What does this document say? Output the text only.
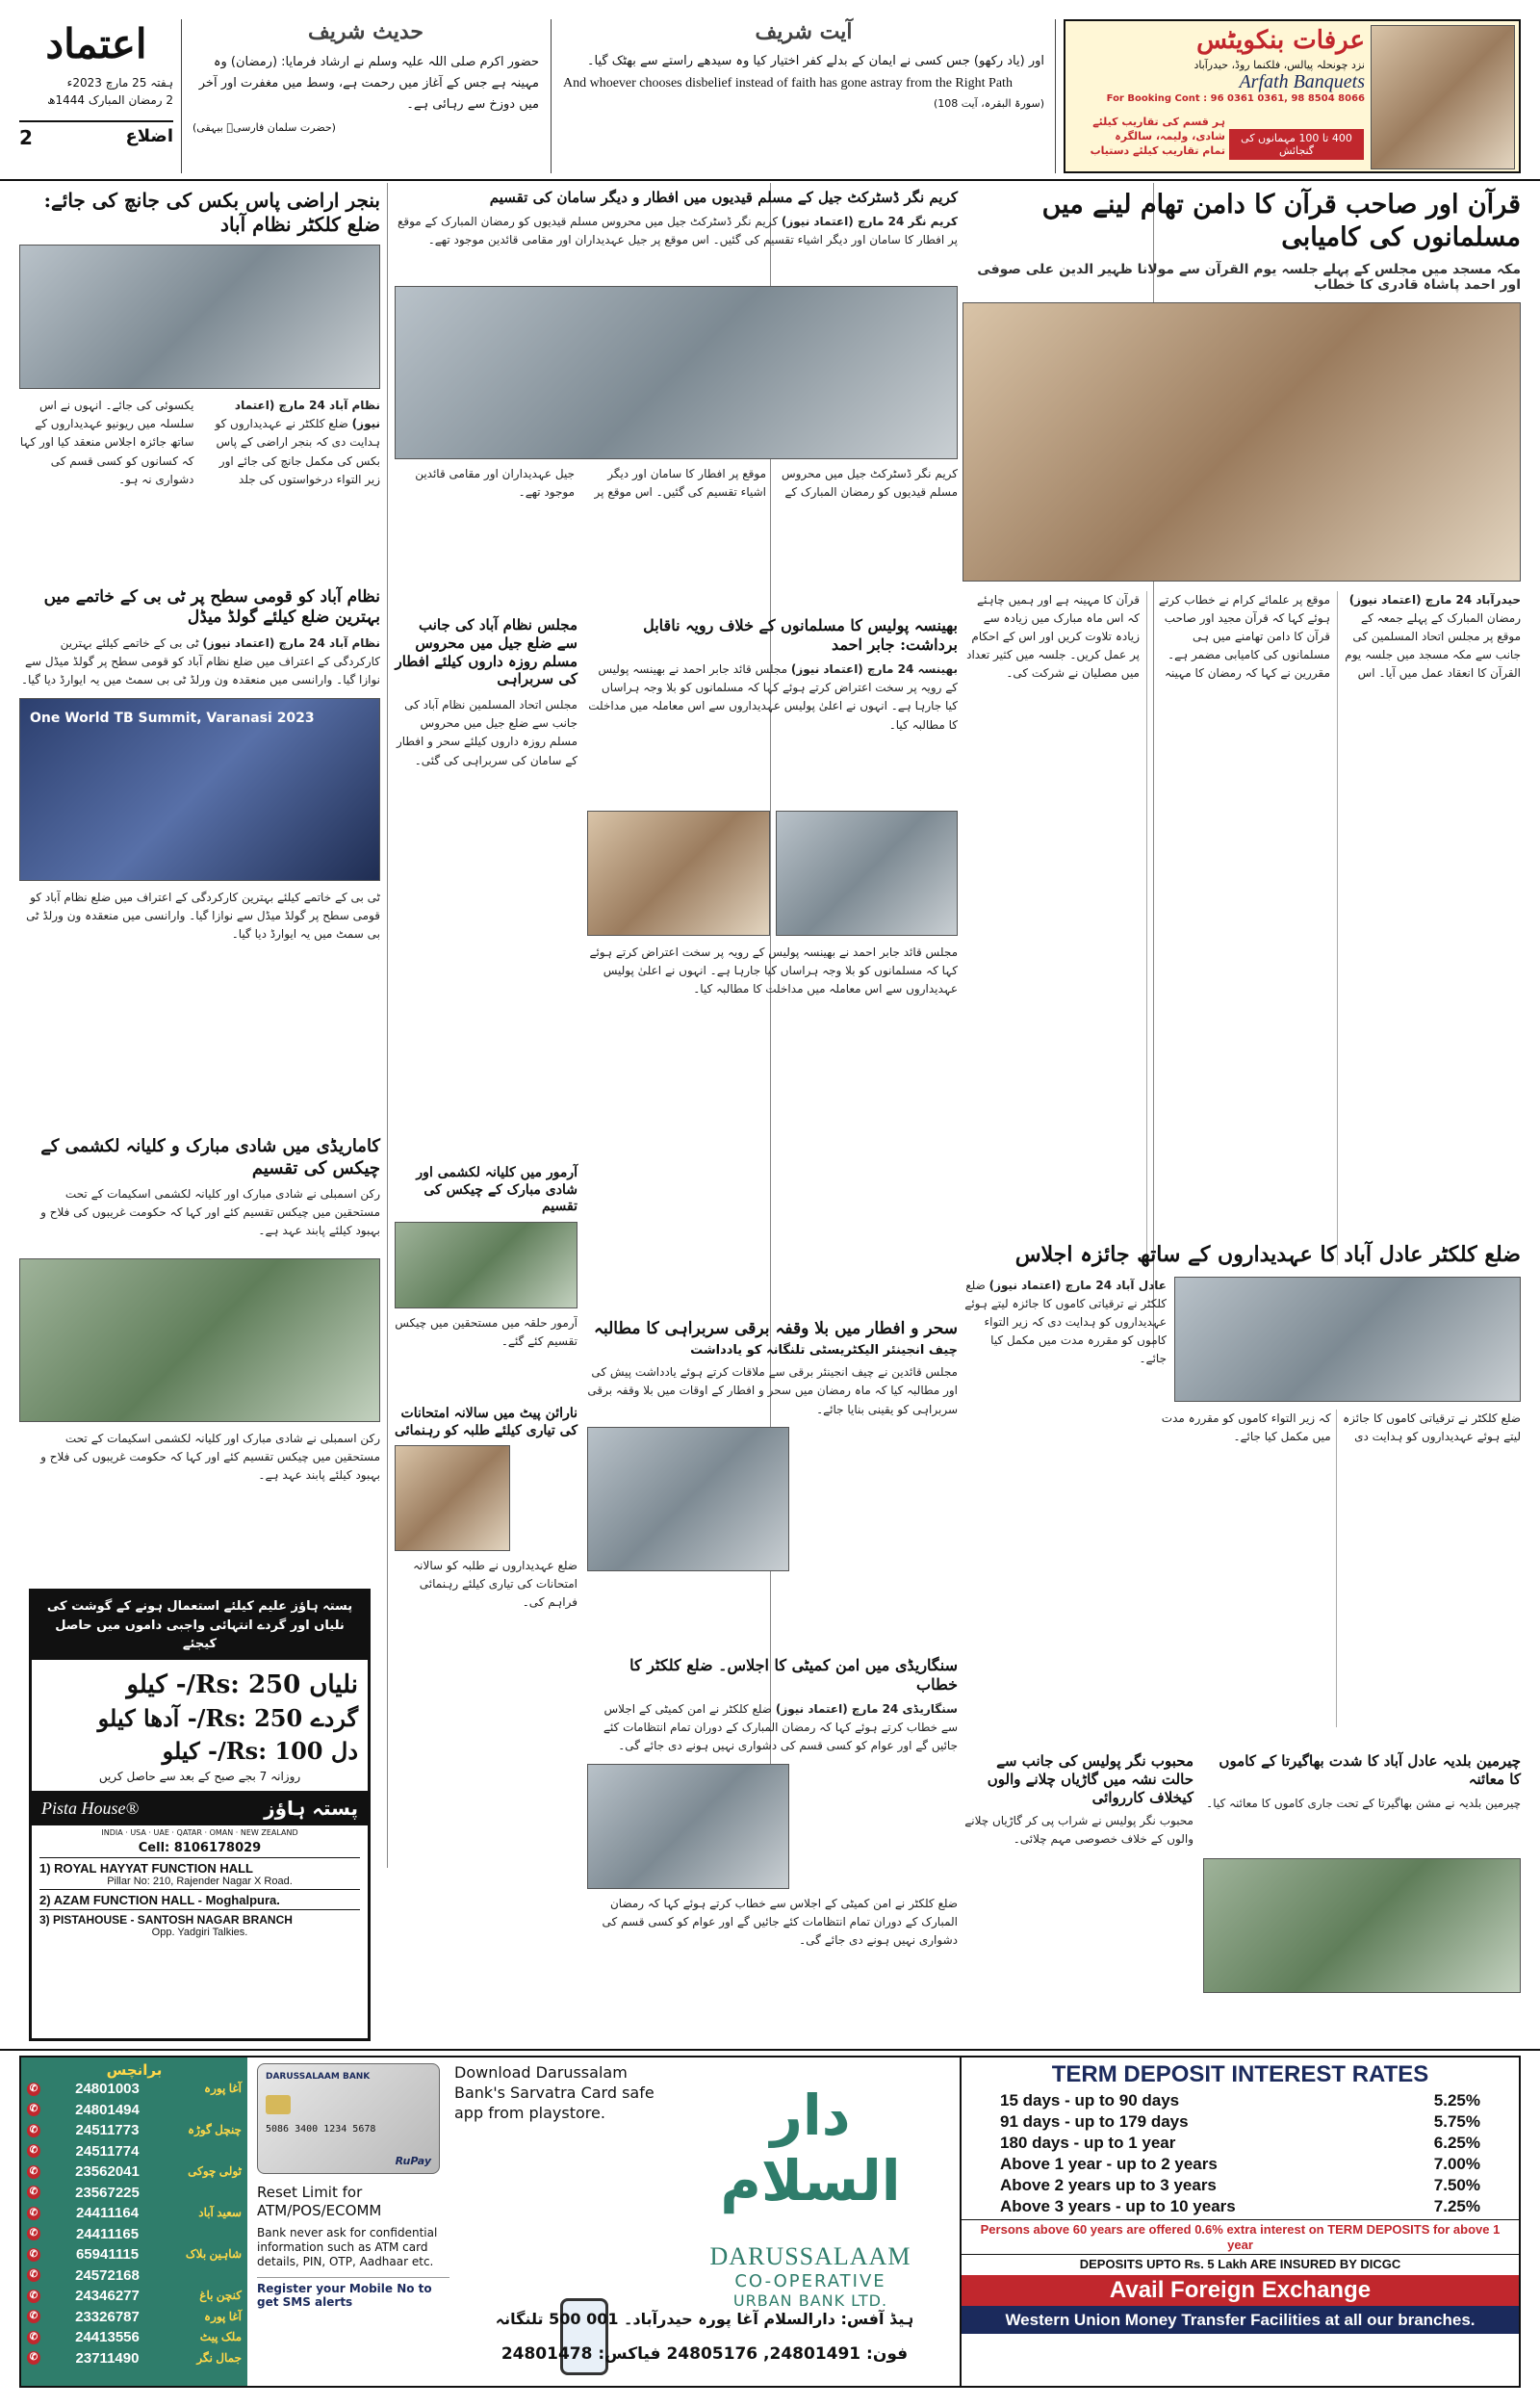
اعتماد
ہفتہ 25 مارچ 2023ء
2 رمضان المبارک 1444ھ
2	اضلاع
حدیث شریف
حضور اکرم صلی اللہ علیہ وسلم نے ارشاد فرمایا: (رمضان) وہ مہینہ ہے جس کے آغاز میں رحمت ہے، وسط میں مغفرت اور آخر میں دوزخ سے رہائی ہے۔
(حضرت سلمان فارسیؓ بیہقی)
آیت شریف
اور (یاد رکھو) جس کسی نے ایمان کے بدلے کفر اختیار کیا وہ سیدھے راستے سے بھٹک گیا۔
And whoever chooses disbelief instead of faith has gone astray from the Right Path
(سورۃ البقرہ، آیت 108)
عرفات بنکویٹس
نزد چونحلہ پیالس، فلکنما روڈ، حیدرآباد
Arfath Banquets
For Booking Cont : 96 0361 0361, 98 8504 8066
ہر قسم کی تقاریب کیلئے
شادی، ولیمہ، سالگرہ
تمام تقاریب کیلئے دستیاب
400 تا 100 مہمانوں کی گنجائش
قرآن اور صاحب قرآن کا دامن تھام لینے میں مسلمانوں کی کامیابی
مکہ مسجد میں مجلس کے پہلے جلسہ یوم القرآن سے مولانا ظہیر الدین علی صوفی اور احمد پاشاہ قادری کا خطاب
حیدرآباد 24 مارچ (اعتماد نیوز) رمضان المبارک کے پہلے جمعہ کے موقع پر مجلس اتحاد المسلمین کی جانب سے مکہ مسجد میں جلسہ یوم القرآن کا انعقاد عمل میں آیا۔ اس موقع پر علمائے کرام نے خطاب کرتے ہوئے کہا کہ قرآن مجید اور صاحب قرآن کا دامن تھامنے میں ہی مسلمانوں کی کامیابی مضمر ہے۔ مقررین نے کہا کہ رمضان کا مہینہ قرآن کا مہینہ ہے اور ہمیں چاہئے کہ اس ماہ مبارک میں زیادہ سے زیادہ تلاوت کریں اور اس کے احکام پر عمل کریں۔ جلسہ میں کثیر تعداد میں مصلیان نے شرکت کی۔
بنجر اراضی پاس بکس کی جانچ کی جائے: ضلع کلکٹر نظام آباد
نظام آباد 24 مارچ (اعتماد نیوز) ضلع کلکٹر نے عہدیداروں کو ہدایت دی کہ بنجر اراضی کے پاس بکس کی مکمل جانچ کی جائے اور زیر التواء درخواستوں کی جلد یکسوئی کی جائے۔ انہوں نے اس سلسلہ میں ریونیو عہدیداروں کے ساتھ جائزہ اجلاس منعقد کیا اور کہا کہ کسانوں کو کسی قسم کی دشواری نہ ہو۔
نظام آباد کو قومی سطح پر ٹی بی کے خاتمے میں بہترین ضلع کیلئے گولڈ میڈل
نظام آباد 24 مارچ (اعتماد نیوز) ٹی بی کے خاتمے کیلئے بہترین کارکردگی کے اعتراف میں ضلع نظام آباد کو قومی سطح پر گولڈ میڈل سے نوازا گیا۔ وارانسی میں منعقدہ ون ورلڈ ٹی بی سمٹ میں یہ ایوارڈ دیا گیا۔
One World TB Summit, Varanasi 2023
ٹی بی کے خاتمے کیلئے بہترین کارکردگی کے اعتراف میں ضلع نظام آباد کو قومی سطح پر گولڈ میڈل سے نوازا گیا۔ وارانسی میں منعقدہ ون ورلڈ ٹی بی سمٹ میں یہ ایوارڈ دیا گیا۔
کاماریڈی میں شادی مبارک و کلیانہ لکشمی کے چیکس کی تقسیم
رکن اسمبلی نے شادی مبارک اور کلیانہ لکشمی اسکیمات کے تحت مستحقین میں چیکس تقسیم کئے اور کہا کہ حکومت غریبوں کی فلاح و بہبود کیلئے پابند عہد ہے۔
رکن اسمبلی نے شادی مبارک اور کلیانہ لکشمی اسکیمات کے تحت مستحقین میں چیکس تقسیم کئے اور کہا کہ حکومت غریبوں کی فلاح و بہبود کیلئے پابند عہد ہے۔
کریم نگر ڈسٹرکٹ جیل کے مسلم قیدیوں میں افطار و دیگر سامان کی تقسیم
کریم نگر 24 مارچ (اعتماد نیوز) کریم نگر ڈسٹرکٹ جیل میں محروس مسلم قیدیوں کو رمضان المبارک کے موقع پر افطار کا سامان اور دیگر اشیاء تقسیم کی گئیں۔ اس موقع پر جیل عہدیداران اور مقامی قائدین موجود تھے۔
کریم نگر ڈسٹرکٹ جیل میں محروس مسلم قیدیوں کو رمضان المبارک کے موقع پر افطار کا سامان اور دیگر اشیاء تقسیم کی گئیں۔ اس موقع پر جیل عہدیداران اور مقامی قائدین موجود تھے۔
مجلس نظام آباد کی جانب سے ضلع جیل میں محروس مسلم روزہ داروں کیلئے افطار کی سربراہی
مجلس اتحاد المسلمین نظام آباد کی جانب سے ضلع جیل میں محروس مسلم روزہ داروں کیلئے سحر و افطار کے سامان کی سربراہی کی گئی۔
بھینسہ پولیس کا مسلمانوں کے خلاف رویہ ناقابل برداشت: جابر احمد
بھینسہ 24 مارچ (اعتماد نیوز) مجلس قائد جابر احمد نے بھینسہ پولیس کے رویہ پر سخت اعتراض کرتے ہوئے کہا کہ مسلمانوں کو بلا وجہ ہراساں کیا جارہا ہے۔ انہوں نے اعلیٰ پولیس عہدیداروں سے اس معاملہ میں مداخلت کا مطالبہ کیا۔
مجلس قائد جابر احمد نے بھینسہ پولیس کے رویہ پر سخت اعتراض کرتے ہوئے کہا کہ مسلمانوں کو بلا وجہ ہراساں کیا جارہا ہے۔ انہوں نے اعلیٰ پولیس عہدیداروں سے اس معاملہ میں مداخلت کا مطالبہ کیا۔
آرمور میں کلیانہ لکشمی اور شادی مبارک کے چیکس کی تقسیم
آرمور حلقہ میں مستحقین میں چیکس تقسیم کئے گئے۔
سحر و افطار میں بلا وقفہ برقی سربراہی کا مطالبہ
چیف انجینئر الیکٹریسٹی تلنگانہ کو یادداشت
مجلس قائدین نے چیف انجینئر برقی سے ملاقات کرتے ہوئے یادداشت پیش کی اور مطالبہ کیا کہ ماہ رمضان میں سحر و افطار کے اوقات میں بلا وقفہ برقی سربراہی کو یقینی بنایا جائے۔
نارائن پیٹ میں سالانہ امتحانات کی تیاری کیلئے طلبہ کو رہنمائی
ضلع عہدیداروں نے طلبہ کو سالانہ امتحانات کی تیاری کیلئے رہنمائی فراہم کی۔
سنگاریڈی میں امن کمیٹی کا اجلاس۔ ضلع کلکٹر کا خطاب
سنگاریڈی 24 مارچ (اعتماد نیوز) ضلع کلکٹر نے امن کمیٹی کے اجلاس سے خطاب کرتے ہوئے کہا کہ رمضان المبارک کے دوران تمام انتظامات کئے جائیں گے اور عوام کو کسی قسم کی دشواری نہیں ہونے دی جائے گی۔
ضلع کلکٹر نے امن کمیٹی کے اجلاس سے خطاب کرتے ہوئے کہا کہ رمضان المبارک کے دوران تمام انتظامات کئے جائیں گے اور عوام کو کسی قسم کی دشواری نہیں ہونے دی جائے گی۔
ضلع کلکٹر عادل آباد کا عہدیداروں کے ساتھ جائزہ اجلاس
عادل آباد 24 مارچ (اعتماد نیوز) ضلع کلکٹر نے ترقیاتی کاموں کا جائزہ لیتے ہوئے عہدیداروں کو ہدایت دی کہ زیر التواء کاموں کو مقررہ مدت میں مکمل کیا جائے۔
ضلع کلکٹر نے ترقیاتی کاموں کا جائزہ لیتے ہوئے عہدیداروں کو ہدایت دی کہ زیر التواء کاموں کو مقررہ مدت میں مکمل کیا جائے۔
محبوب نگر پولیس کی جانب سے حالت نشہ میں گاڑیاں چلانے والوں کیخلاف کارروائی
محبوب نگر پولیس نے شراب پی کر گاڑیاں چلانے والوں کے خلاف خصوصی مہم چلائی۔
چیرمین بلدیہ عادل آباد کا شدت بھاگیرتا کے کاموں کا معائنہ
چیرمین بلدیہ نے مشن بھاگیرتا کے تحت جاری کاموں کا معائنہ کیا۔
پستہ ہاؤز علیم کیلئے استعمال ہونے کے گوشت کی نلیاں اور گردے انتہائی واجبی داموں میں حاصل کیجئے
نلیاں Rs: 250/- کیلو
گردے Rs: 250/- آدھا کیلو
دل Rs: 100/- کیلو
روزانہ 7 بجے صبح کے بعد سے حاصل کریں
Pista House®	پستہ ہاؤز
INDIA · USA · UAE · QATAR · OMAN · NEW ZEALAND
Cell: 8106178029
1) ROYAL HAYYAT FUNCTION HALL
Pillar No: 210, Rajender Nagar X Road.
2) AZAM FUNCTION HALL - Moghalpura.
3) PISTAHOUSE - SANTOSH NAGAR BRANCH
Opp. Yadgiri Talkies.
برانچس
✆	24801003	آغا پورہ
✆	24801494
✆	24511773	چنچل گوڑہ
✆	24511774
✆	23562041	ٹولی چوکی
✆	23567225
✆	24411164	سعید آباد
✆	24411165
✆	65941115	شاہین بلاک
✆	24572168
✆	24346277	کنچن باغ
✆	23326787	آغا پورہ
✆	24413556	ملک پیٹ
✆	23711490	جمال نگر
DARUSSALAAM BANK
5086 3400 1234 5678
RuPay
Reset Limit for ATM/POS/ECOMM
Bank never ask for confidential information such as ATM card details, PIN, OTP, Aadhaar etc.
Register your Mobile No to get SMS alerts
Download Darussalam Bank's Sarvatra Card safe app from playstore.	دار السلام
DARUSSALAAM
CO-OPERATIVE
URBAN BANK LTD.
ہیڈ آفس: دارالسلام آغا پورہ حیدرآباد۔ 001 500 تلنگانہ
فون: 24801491, 24805176 فیاکس: 24801478
TERM DEPOSIT INTEREST RATES
15 days - up to 90 days	5.25%
91 days - up to 179 days	5.75%
180 days - up to 1 year	6.25%
Above 1 year - up to 2 years	7.00%
Above 2 years up to 3 years	7.50%
Above 3 years - up to 10 years	7.25%
Persons above 60 years are offered 0.6% extra interest on TERM DEPOSITS for above 1 year
DEPOSITS UPTO Rs. 5 Lakh ARE INSURED BY DICGC
Avail Foreign Exchange
Western Union Money Transfer Facilities at all our branches.
